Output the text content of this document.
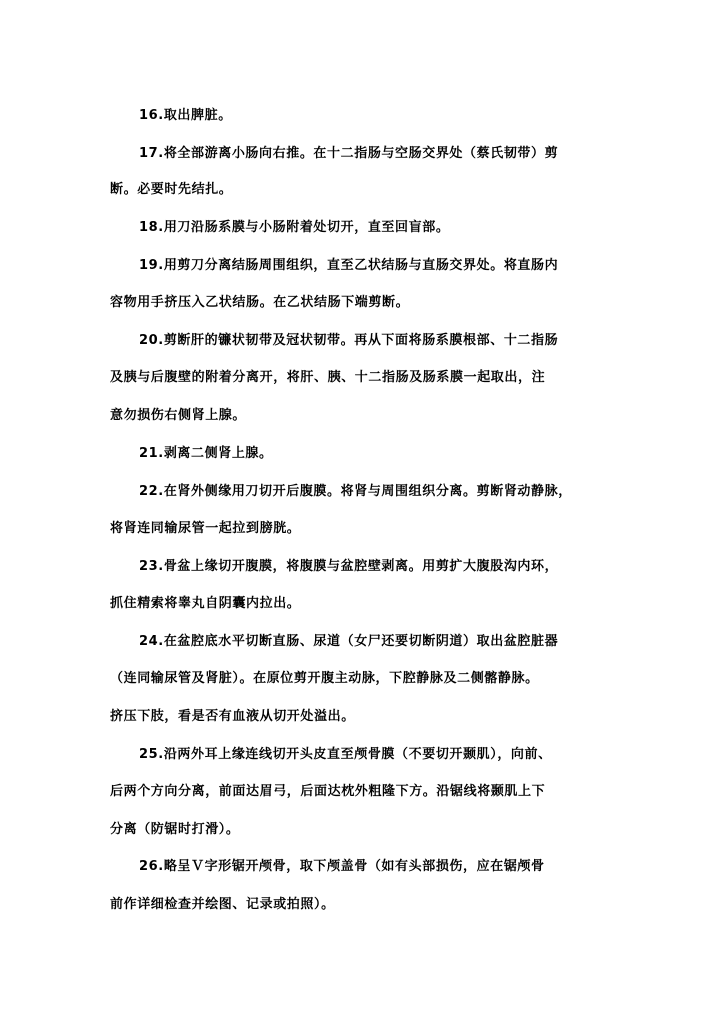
16.取出脾脏。
17.将全部游离小肠向右推。在十二指肠与空肠交界处（蔡氏韧带）剪
断。必要时先结扎。
18.用刀沿肠系膜与小肠附着处切开，直至回盲部。
19.用剪刀分离结肠周围组织，直至乙状结肠与直肠交界处。将直肠内
容物用手挤压入乙状结肠。在乙状结肠下端剪断。
20.剪断肝的镰状韧带及冠状韧带。再从下面将肠系膜根部、十二指肠
及胰与后腹壁的附着分离开，将肝、胰、十二指肠及肠系膜一起取出，注
意勿损伤右侧肾上腺。
21.剥离二侧肾上腺。
22.在肾外侧缘用刀切开后腹膜。将肾与周围组织分离。剪断肾动静脉，
将肾连同输尿管一起拉到膀胱。
23.骨盆上缘切开腹膜，将腹膜与盆腔壁剥离。用剪扩大腹股沟内环，
抓住精索将睾丸自阴囊内拉出。
24.在盆腔底水平切断直肠、尿道（女尸还要切断阴道）取出盆腔脏器
（连同输尿管及肾脏）。在原位剪开腹主动脉，下腔静脉及二侧髂静脉。
挤压下肢，看是否有血液从切开处溢出。
25.沿两外耳上缘连线切开头皮直至颅骨膜（不要切开颞肌），向前、
后两个方向分离，前面达眉弓，后面达枕外粗隆下方。沿锯线将颞肌上下
分离（防锯时打滑）。
26.略呈Ｖ字形锯开颅骨，取下颅盖骨（如有头部损伤，应在锯颅骨
前作详细检查并绘图、记录或拍照）。
